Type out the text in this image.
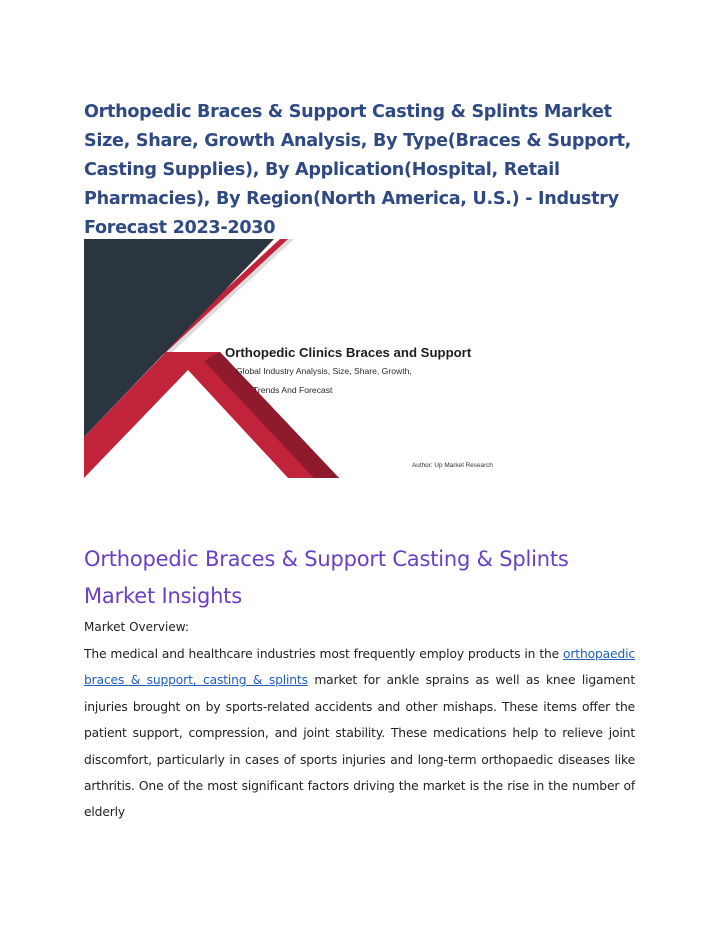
Orthopedic Braces & Support Casting & Splints Market Size, Share, Growth Analysis, By Type(Braces & Support, Casting Supplies), By Application(Hospital, Retail Pharmacies), By Region(North America, U.S.) - Industry Forecast 2023-2030

Orthopedic Clinics Braces and Support

Global Industry Analysis, Size, Share, Growth,

Trends And Forecast

Author: Up Market Research

Orthopedic Braces & Support Casting & Splints Market Insights

Market Overview:

The medical and healthcare industries most frequently employ products in the orthopaedic braces & support, casting & splints market for ankle sprains as well as knee ligament injuries brought on by sports-related accidents and other mishaps. These items offer the patient support, compression, and joint stability. These medications help to relieve joint discomfort, particularly in cases of sports injuries and long-term orthopaedic diseases like arthritis. One of the most significant factors driving the market is the rise in the number of elderly
